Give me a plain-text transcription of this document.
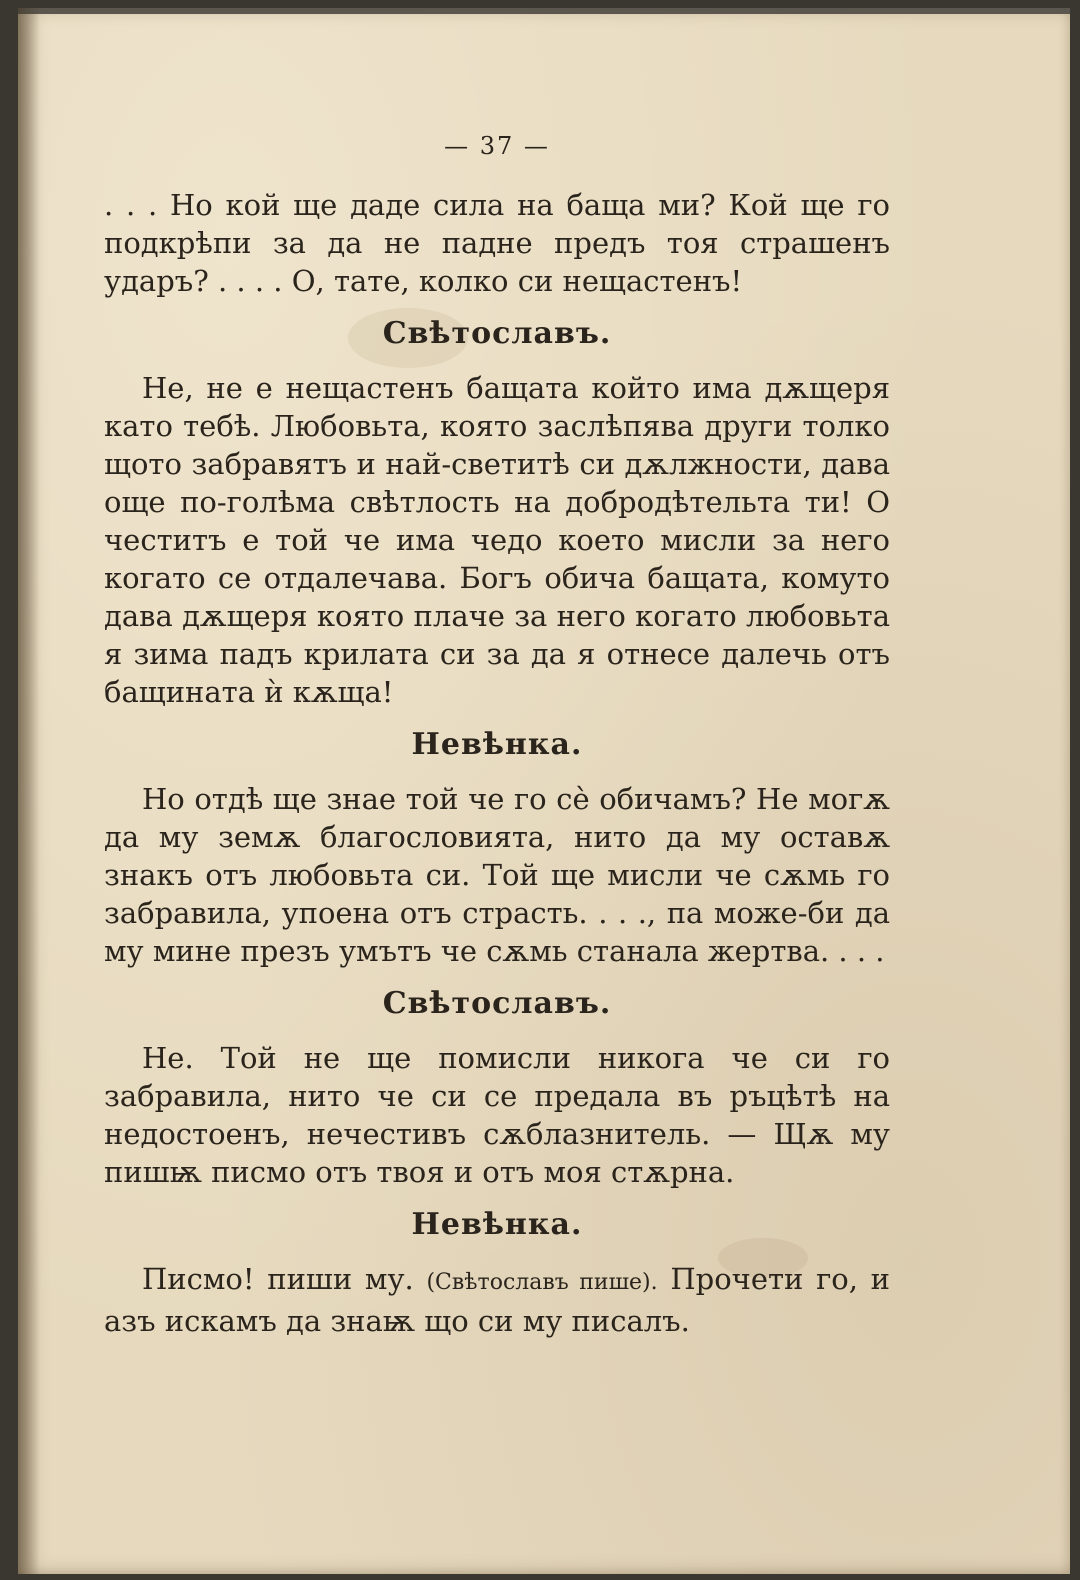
— 37 —

. . . Но кой ще даде сила на баща ми? Кой ще го подкрѣпи за да не падне предъ тоя страшенъ ударъ? . . . . О, тате, колко си нещастенъ!

Свѣтославъ.

Не, не е нещастенъ бащата който има дѫщеря като тебѣ. Любовьта, която заслѣпява други толко щото забравятъ и най-светитѣ си дѫлжности, дава още по-голѣма свѣтлость на добродѣтельта ти! О честитъ е той че има чедо което мисли за него когато се отдалечава. Богъ обича бащата, комуто дава дѫщеря която плаче за него когато любовьта я зима падъ крилата си за да я отнесе далечь отъ бащината ѝ кѫща!

Невѣнка.

Но отдѣ ще знае той че го сѐ обичамъ? Не могѫ да му земѫ благословията, нито да му оставѫ знакъ отъ любовьта си. Той ще мисли че сѫмь го забравила, упоена отъ страсть. . . ., па може-би да му мине презъ умътъ че сѫмь станала жертва. . . .

Свѣтославъ.

Не. Той не ще помисли никога че си го забравила, нито че си се предала въ ръцѣтѣ на недостоенъ, нечестивъ сѫблазнитель. — Щѫ му пишѭ писмо отъ твоя и отъ моя стѫрна.

Невѣнка.

Писмо! пиши му. (Свѣтославъ пише). Прочети го, и азъ искамъ да знаѭ що си му писалъ.
